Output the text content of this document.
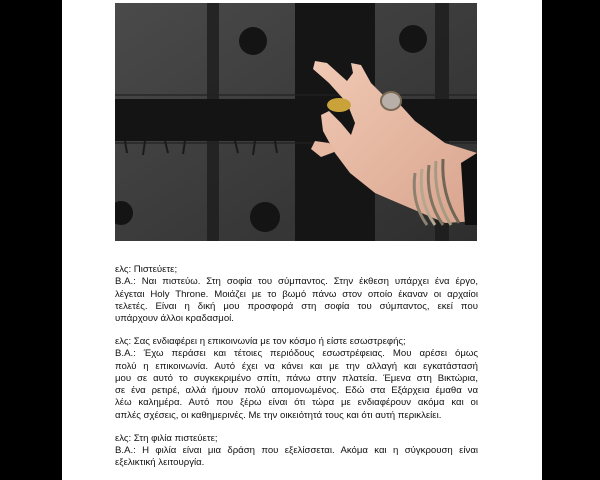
ελς: Πιστεύετε;
Β.Α.: Ναι πιστεύω. Στη σοφία του σύμπαντος. Στην έκθεση υπάρχει ένα έργο,
λέγεται Holy Throne. Μοιάζει με το βωμό πάνω στον οποίο έκαναν οι αρχαίοι
τελετές. Είναι η δική μου προσφορά στη σοφία του σύμπαντος, εκεί που
υπάρχουν άλλοι κραδασμοί.
ελς: Σας ενδιαφέρει η επικοινωνία με τον κόσμο ή είστε εσωστρεφής;
Β.Α.: Έχω περάσει και τέτοιες περιόδους εσωστρέφειας. Μου αρέσει όμως
πολύ η επικοινωνία. Αυτό έχει να κάνει και με την αλλαγή και εγκατάστασή
μου σε αυτό το συγκεκριμένο σπίτι, πάνω στην πλατεία. Έμενα στη Βικτώρια,
σε ένα ρετιρέ, αλλά ήμουν πολύ απομονωμένος. Εδώ στα Εξάρχεια έμαθα να
λέω καλημέρα. Αυτό που ξέρω είναι ότι τώρα με ενδιαφέρουν ακόμα και οι
απλές σχέσεις, οι καθημερινές. Με την οικειότητά τους και ότι αυτή περικλείει.
ελς: Στη φιλία πιστεύετε;
Β.Α.: Η φιλία είναι μια δράση που εξελίσσεται. Ακόμα και η σύγκρουση είναι
εξελικτική λειτουργία.
